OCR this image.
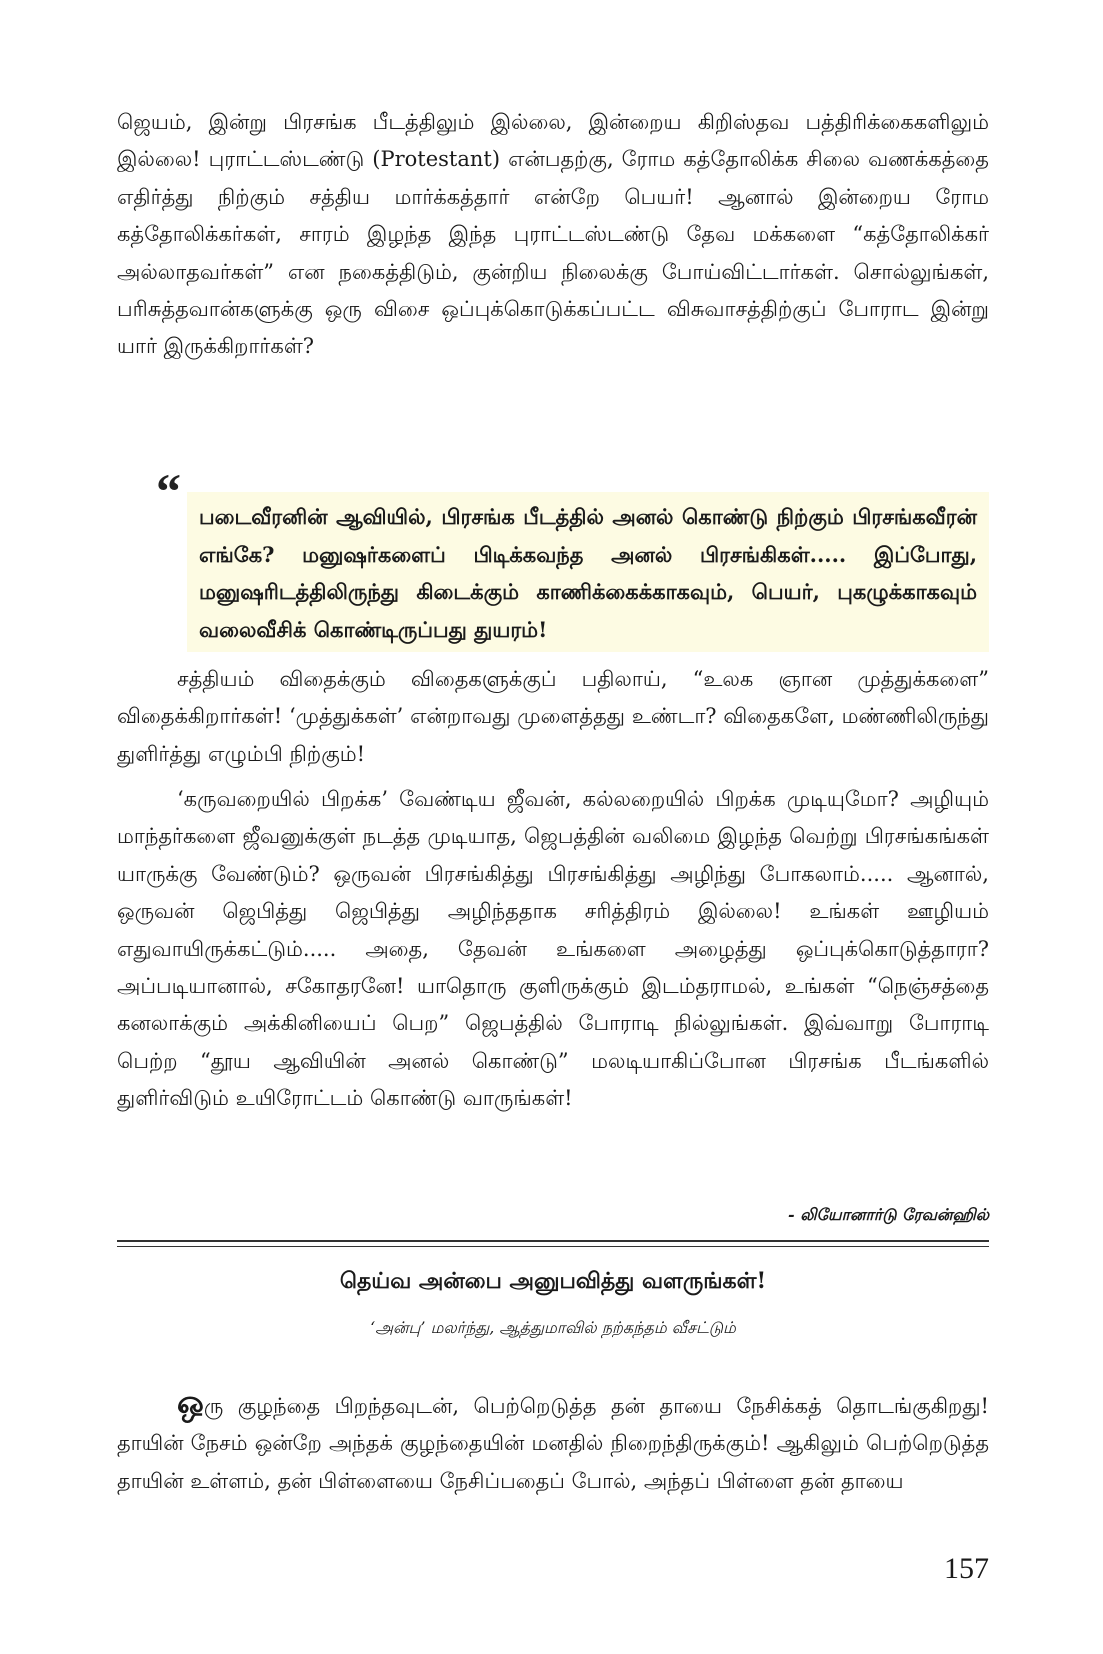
ஜெயம், இன்று பிரசங்க பீடத்திலும் இல்லை, இன்றைய கிறிஸ்தவ பத்திரிக்கைகளிலும் இல்லை! புராட்டஸ்டண்டு (Protestant) என்பதற்கு, ரோம கத்தோலிக்க சிலை வணக்கத்தை எதிர்த்து நிற்கும் சத்திய மார்க்கத்தார் என்றே பெயர்! ஆனால் இன்றைய ரோம கத்தோலிக்கர்கள், சாரம் இழந்த இந்த புராட்டஸ்டண்டு தேவ மக்களை “கத்தோலிக்கர் அல்லாதவர்கள்” என நகைத்திடும், குன்றிய நிலைக்கு போய்விட்டார்கள். சொல்லுங்கள், பரிசுத்தவான்களுக்கு ஒரு விசை ஒப்புக்கொடுக்கப்பட்ட விசுவாசத்திற்குப் போராட இன்று யார் இருக்கிறார்கள்?

“ படைவீரனின் ஆவியில், பிரசங்க பீடத்தில் அனல் கொண்டு நிற்கும் பிரசங்கவீரன் எங்கே? மனுஷர்களைப் பிடிக்கவந்த அனல் பிரசங்கிகள்..... இப்போது, மனுஷரிடத்திலிருந்து கிடைக்கும் காணிக்கைக்காகவும், பெயர், புகழுக்காகவும் வலைவீசிக் கொண்டிருப்பது துயரம்!

சத்தியம் விதைக்கும் விதைகளுக்குப் பதிலாய், “உலக ஞான முத்துக்களை” விதைக்கிறார்கள்! ‘முத்துக்கள்’ என்றாவது முளைத்தது உண்டா? விதைகளே, மண்ணிலிருந்து துளிர்த்து எழும்பி நிற்கும்!

‘கருவறையில் பிறக்க’ வேண்டிய ஜீவன், கல்லறையில் பிறக்க முடியுமோ? அழியும் மாந்தர்களை ஜீவனுக்குள் நடத்த முடியாத, ஜெபத்தின் வலிமை இழந்த வெற்று பிரசங்கங்கள் யாருக்கு வேண்டும்? ஒருவன் பிரசங்கித்து பிரசங்கித்து அழிந்து போகலாம்..... ஆனால், ஒருவன் ஜெபித்து ஜெபித்து அழிந்ததாக சரித்திரம் இல்லை! உங்கள் ஊழியம் எதுவாயிருக்கட்டும்..... அதை, தேவன் உங்களை அழைத்து ஒப்புக்கொடுத்தாரா? அப்படியானால், சகோதரனே! யாதொரு குளிருக்கும் இடம்தராமல், உங்கள் “நெஞ்சத்தை கனலாக்கும் அக்கினியைப் பெற” ஜெபத்தில் போராடி நில்லுங்கள். இவ்வாறு போராடி பெற்ற “தூய ஆவியின் அனல் கொண்டு” மலடியாகிப்போன பிரசங்க பீடங்களில் துளிர்விடும் உயிரோட்டம் கொண்டு வாருங்கள்!

- லியோனார்டு ரேவன்ஹில்
தெய்வ அன்பை அனுபவித்து வளருங்கள்!
‘அன்பு’ மலர்ந்து, ஆத்துமாவில் நற்கந்தம் வீசட்டும்

ஒரு குழந்தை பிறந்தவுடன், பெற்றெடுத்த தன் தாயை நேசிக்கத் தொடங்குகிறது! தாயின் நேசம் ஒன்றே அந்தக் குழந்தையின் மனதில் நிறைந்திருக்கும்! ஆகிலும் பெற்றெடுத்த தாயின் உள்ளம், தன் பிள்ளையை நேசிப்பதைப் போல், அந்தப் பிள்ளை தன் தாயை

157
